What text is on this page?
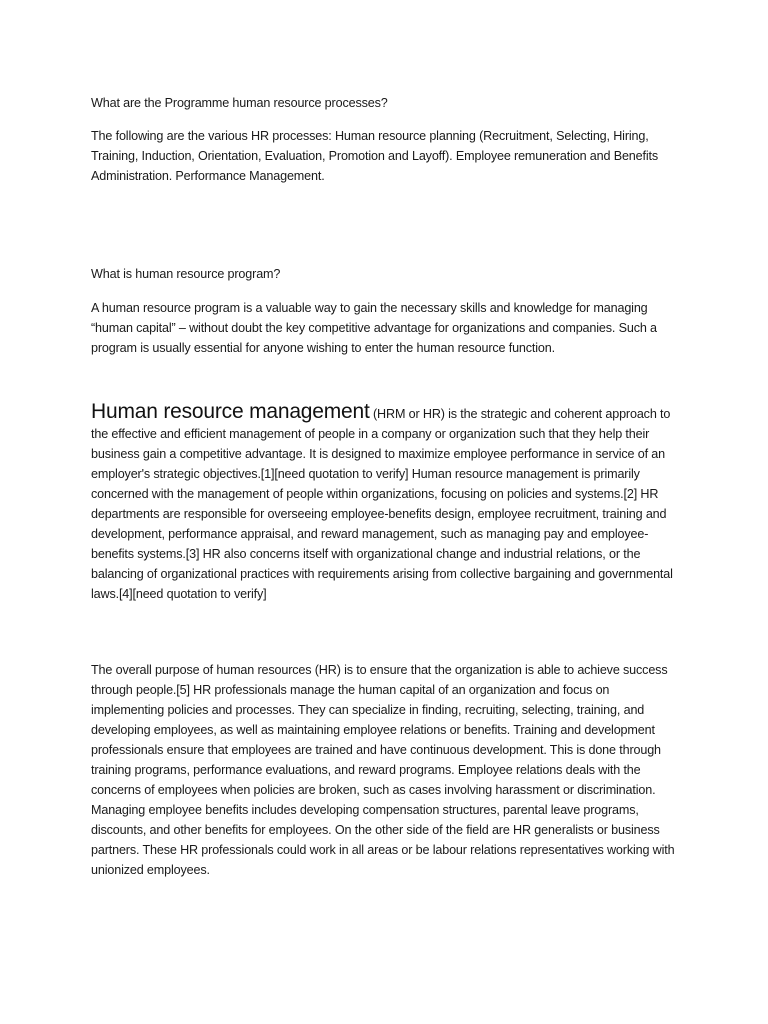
What are the Programme human resource processes?

The following are the various HR processes: Human resource planning (Recruitment, Selecting, Hiring, Training, Induction, Orientation, Evaluation, Promotion and Layoff). Employee remuneration and Benefits Administration. Performance Management.

What is human resource program?

A human resource program is a valuable way to gain the necessary skills and knowledge for managing “human capital” – without doubt the key competitive advantage for organizations and companies. Such a program is usually essential for anyone wishing to enter the human resource function.

Human resource management (HRM or HR) is the strategic and coherent approach to the effective and efficient management of people in a company or organization such that they help their business gain a competitive advantage. It is designed to maximize employee performance in service of an employer's strategic objectives.[1][need quotation to verify] Human resource management is primarily concerned with the management of people within organizations, focusing on policies and systems.[2] HR departments are responsible for overseeing employee-benefits design, employee recruitment, training and development, performance appraisal, and reward management, such as managing pay and employee-benefits systems.[3] HR also concerns itself with organizational change and industrial relations, or the balancing of organizational practices with requirements arising from collective bargaining and governmental laws.[4][need quotation to verify]

The overall purpose of human resources (HR) is to ensure that the organization is able to achieve success through people.[5] HR professionals manage the human capital of an organization and focus on implementing policies and processes. They can specialize in finding, recruiting, selecting, training, and developing employees, as well as maintaining employee relations or benefits. Training and development professionals ensure that employees are trained and have continuous development. This is done through training programs, performance evaluations, and reward programs. Employee relations deals with the concerns of employees when policies are broken, such as cases involving harassment or discrimination. Managing employee benefits includes developing compensation structures, parental leave programs, discounts, and other benefits for employees. On the other side of the field are HR generalists or business partners. These HR professionals could work in all areas or be labour relations representatives working with unionized employees.
